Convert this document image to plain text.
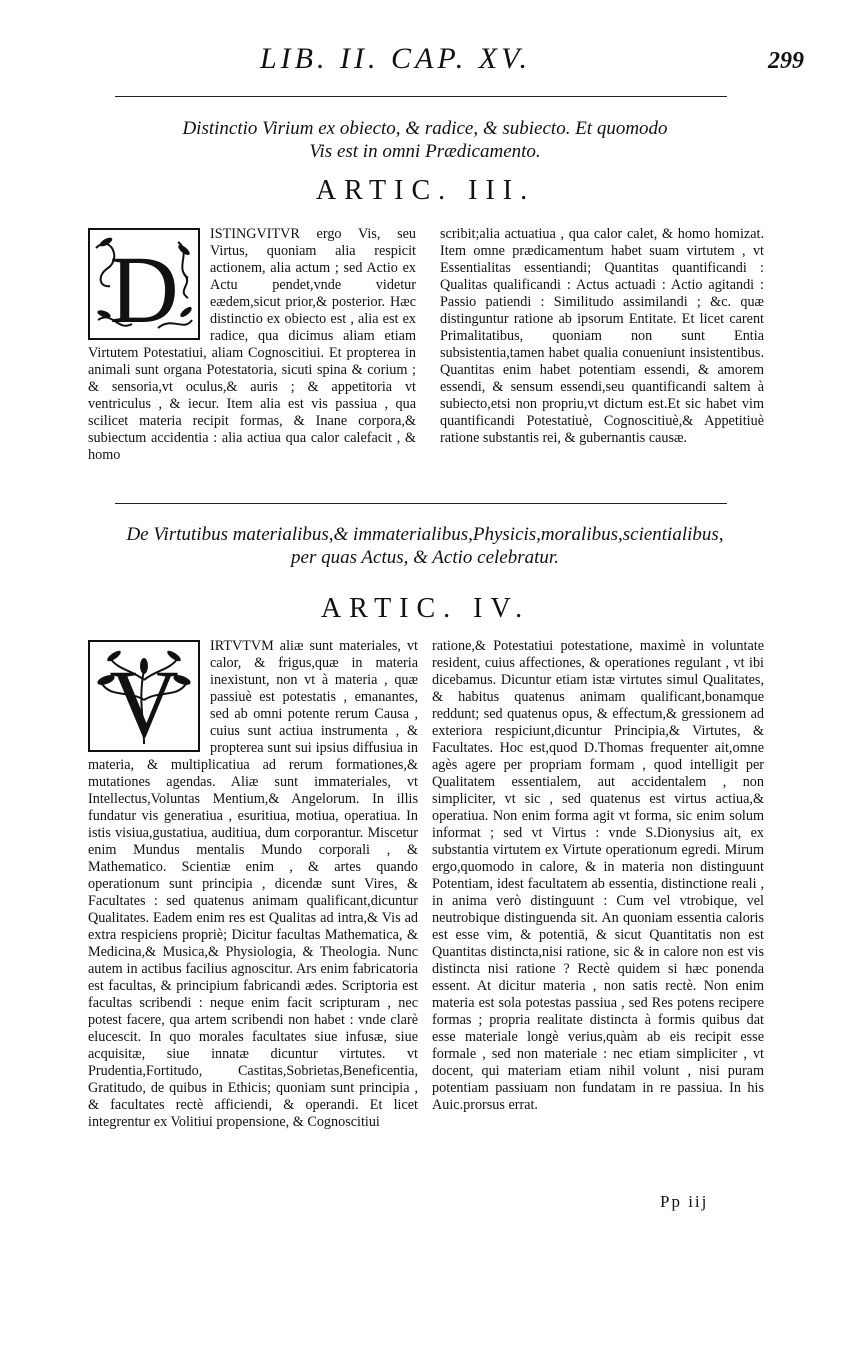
LIB. II. CAP. XV.	299
Distinctio Virium ex obiecto, & radice, & subiecto. Et quomodo
Vis est in omni Prædicamento.
ARTIC. III.
D

ISTINGVITVR ergo Vis, seu Virtus, quoniam alia respicit actionem, alia actum ; sed Actio ex Actu pendet,vnde videtur eædem,sicut prior,& posterior. Hæc distinctio ex obiecto est , alia est ex radice, qua dicimus aliam etiam Virtutem Potestatiui, aliam Cognoscitiui. Et propterea in animali sunt organa Potestatoria, sicuti spina & corium ; & sensoria,vt oculus,& auris ; & appetitoria vt ventriculus , & iecur. Item alia est vis passiua , qua scilicet materia recipit formas, & Inane corpora,& subiectum accidentia : alia actiua qua calor calefacit , & homo

scribit;alia actuatiua , qua calor calet, & homo homizat. Item omne prædicamentum habet suam virtutem , vt Essentialitas essentiandi; Quantitas quantificandi : Qualitas qualificandi : Actus actuadi : Actio agitandi : Passio patiendi : Similitudo assimilandi ; &c. quæ distinguntur ratione ab ipsorum Entitate. Et licet carent Primalitatibus, quoniam non sunt Entia subsistentia,tamen habet qualia conueniunt insistentibus. Quantitas enim habet potentiam essendi, & amorem essendi, & sensum essendi,seu quantificandi saltem à subiecto,etsi non propriu,vt dictum est.Et sic habet vim quantificandi Potestatiuè, Cognoscitiuè,& Appetitiuè ratione substantis rei, & gubernantis causæ.

De Virtutibus materialibus,& immaterialibus,Physicis,moralibus,scientialibus,
per quas Actus, & Actio celebratur.
ARTIC. IV.
V

IRTVTVM aliæ sunt materiales, vt calor, & frigus,quæ in materia inexistunt, non vt à materia , quæ passiuè est potestatis , emanantes, sed ab omni potente rerum Causa , cuius sunt actiua instrumenta , & propterea sunt sui ipsius diffusiua in materia, & multiplicatiua ad rerum formationes,& mutationes agendas. Aliæ sunt immateriales, vt Intellectus,Voluntas Mentium,& Angelorum. In illis fundatur vis generatiua , esuritiua, motiua, operatiua. In istis visiua,gustatiua, auditiua, dum corporantur. Miscetur enim Mundus mentalis Mundo corporali , & Mathematico. Scientiæ enim , & artes quando operationum sunt principia , dicendæ sunt Vires, & Facultates : sed quatenus animam qualificant,dicuntur Qualitates. Eadem enim res est Qualitas ad intra,& Vis ad extra respiciens propriè; Dicitur facultas Mathematica, & Medicina,& Musica,& Physiologia, & Theologia. Nunc autem in actibus facilius agnoscitur. Ars enim fabricatoria est facultas, & principium fabricandi ædes. Scriptoria est facultas scribendi : neque enim facit scripturam , nec potest facere, qua artem scribendi non habet : vnde clarè elucescit. In quo morales facultates siue infusæ, siue acquisitæ, siue innatæ dicuntur virtutes. vt Prudentia,Fortitudo, Castitas,Sobrietas,Beneficentia, Gratitudo, de quibus in Ethicis; quoniam sunt principia , & facultates rectè afficiendi, & operandi. Et licet integrentur ex Volitiui propensione, & Cognoscitiui

ratione,& Potestatiui potestatione, maximè in voluntate resident, cuius affectiones, & operationes regulant , vt ibi dicebamus. Dicuntur etiam istæ virtutes simul Qualitates, & habitus quatenus animam qualificant,bonamque reddunt; sed quatenus opus, & effectum,& gressionem ad exteriora respiciunt,dicuntur Principia,& Virtutes, & Facultates. Hoc est,quod D.Thomas frequenter ait,omne agès agere per propriam formam , quod intelligit per Qualitatem essentialem, aut accidentalem , non simpliciter, vt sic , sed quatenus est virtus actiua,& operatiua. Non enim forma agit vt forma, sic enim solum informat ; sed vt Virtus : vnde S.Dionysius ait, ex substantia virtutem ex Virtute operationum egredi. Mirum ergo,quomodo in calore, & in materia non distinguunt Potentiam, idest facultatem ab essentia, distinctione reali , in anima verò distinguunt : Cum vel vtrobique, vel neutrobique distinguenda sit. An quoniam essentia caloris est esse vim, & potentiā, & sicut Quantitatis non est Quantitas distincta,nisi ratione, sic & in calore non est vis distincta nisi ratione ? Rectè quidem si hæc ponenda essent. At dicitur materia , non satis rectè. Non enim materia est sola potestas passiua , sed Res potens recipere formas ; propria realitate distincta à formis quibus dat esse materiale longè verius,quàm ab eis recipit esse formale , sed non materiale : nec etiam simpliciter , vt docent, qui materiam etiam nihil volunt , nisi puram potentiam passiuam non fundatam in re passiua. In his Auic.prorsus errat.

Pp iij
